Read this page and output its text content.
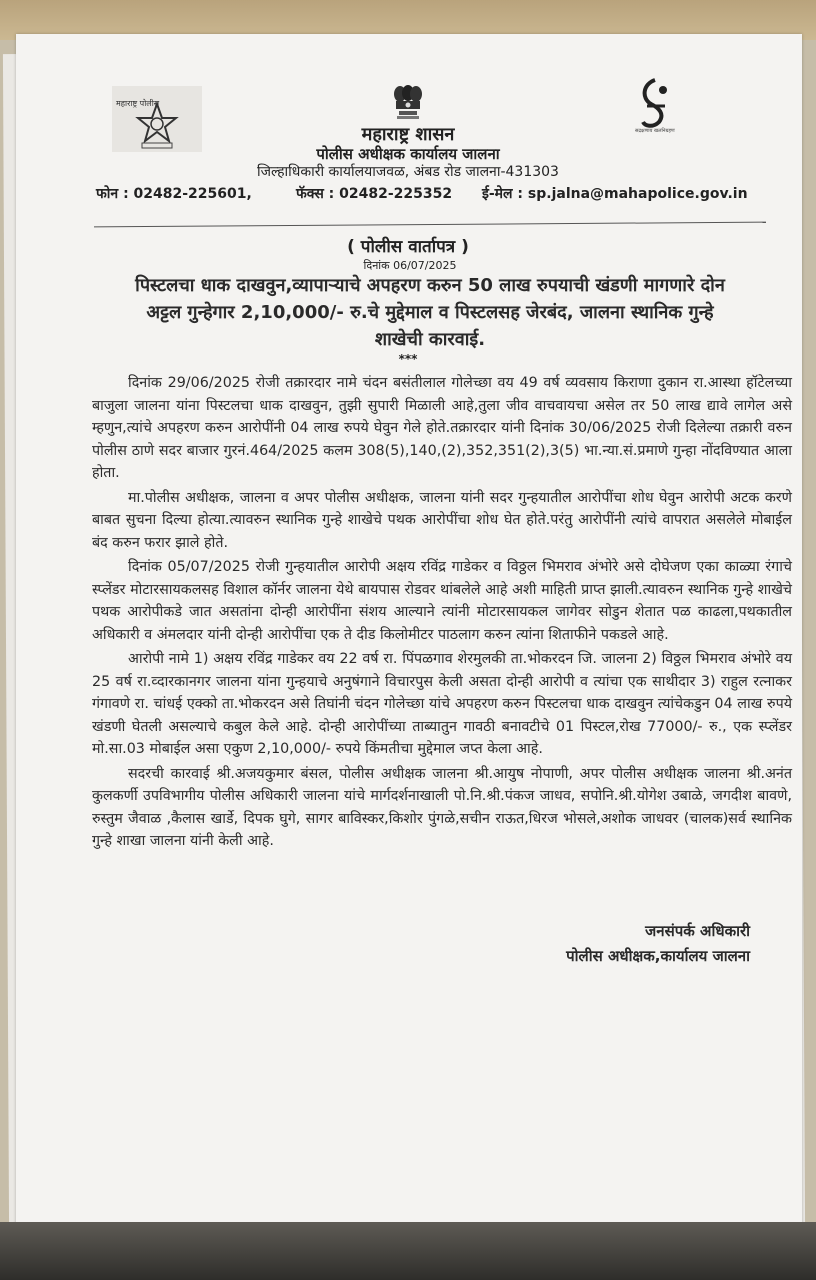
महाराष्ट्र पोलीस
सद्रक्षणाय खलनिग्रहणाय
महाराष्ट्र शासन
पोलीस अधीक्षक कार्यालय जालना
जिल्हाधिकारी कार्यालयाजवळ, अंबड रोड जालना-431303
फोन : 02482-225601,	फॅक्स : 02482-225352 ई-मेल : sp.jalna@mahapolice.gov.in
( पोलीस वार्तापत्र )
दिनांक 06/07/2025
पिस्टलचा धाक दाखवुन,व्यापाऱ्याचे अपहरण करुन 50 लाख रुपयाची खंडणी मागणारे दोन अट्टल गुन्हेगार 2,10,000/- रु.चे मुद्देमाल व पिस्टलसह जेरबंद, जालना स्थानिक गुन्हे शाखेची कारवाई.
***

दिनांक 29/06/2025 रोजी तक्रारदार नामे चंदन बसंतीलाल गोलेच्छा वय 49 वर्ष व्यवसाय किराणा दुकान रा.आस्था हॉटेलच्या बाजुला जालना यांना पिस्टलचा धाक दाखवुन, तुझी सुपारी मिळाली आहे,तुला जीव वाचवायचा असेल तर 50 लाख द्यावे लागेल असे म्हणुन,त्यांचे अपहरण करुन आरोपींनी 04 लाख रुपये घेवुन गेले होते.तक्रारदार यांनी दिनांक 30/06/2025 रोजी दिलेल्या तक्रारी वरुन पोलीस ठाणे सदर बाजार गुरनं.464/2025 कलम 308(5),140,(2),352,351(2),3(5) भा.न्या.सं.प्रमाणे गुन्हा नोंदविण्यात आला होता.

मा.पोलीस अधीक्षक, जालना व अपर पोलीस अधीक्षक, जालना यांनी सदर गुन्हयातील आरोपींचा शोध घेवुन आरोपी अटक करणे बाबत सुचना दिल्या होत्या.त्यावरुन स्थानिक गुन्हे शाखेचे पथक आरोपींचा शोध घेत होते.परंतु आरोपींनी त्यांचे वापरात असलेले मोबाईल बंद करुन फरार झाले होते.

दिनांक 05/07/2025 रोजी गुन्हयातील आरोपी अक्षय रविंद्र गाडेकर व विठ्ठल भिमराव अंभोरे असे दोघेजण एका काळ्या रंगाचे स्प्लेंडर मोटारसायकलसह विशाल कॉर्नर जालना येथे बायपास रोडवर थांबलेले आहे अशी माहिती प्राप्त झाली.त्यावरुन स्थानिक गुन्हे शाखेचे पथक आरोपीकडे जात असतांना दोन्ही आरोपींना संशय आल्याने त्यांनी मोटारसायकल जागेवर सोडुन शेतात पळ काढला,पथकातील अधिकारी व अंमलदार यांनी दोन्ही आरोपींचा एक ते दीड किलोमीटर पाठलाग करुन त्यांना शिताफीने पकडले आहे.

आरोपी नामे 1) अक्षय रविंद्र गाडेकर वय 22 वर्ष रा. पिंपळगाव शेरमुलकी ता.भोकरदन जि. जालना 2) विठ्ठल भिमराव अंभोरे वय 25 वर्ष रा.व्दारकानगर जालना यांना गुन्हयाचे अनुषंगाने विचारपुस केली असता दोन्ही आरोपी व त्यांचा एक साथीदार 3) राहुल रत्नाकर गंगावणे रा. चांधई एक्को ता.भोकरदन असे तिघांनी चंदन गोलेच्छा यांचे अपहरण करुन पिस्टलचा धाक दाखवुन त्यांचेकडुन 04 लाख रुपये खंडणी घेतली असल्याचे कबुल केले आहे. दोन्ही आरोपींच्या ताब्यातुन गावठी बनावटीचे 01 पिस्टल,रोख 77000/- रु., एक स्प्लेंडर मो.सा.03 मोबाईल असा एकुण 2,10,000/- रुपये किंमतीचा मुद्देमाल जप्त केला आहे.

सदरची कारवाई श्री.अजयकुमार बंसल, पोलीस अधीक्षक जालना श्री.आयुष नोपाणी, अपर पोलीस अधीक्षक जालना श्री.अनंत कुलकर्णी उपविभागीय पोलीस अधिकारी जालना यांचे मार्गदर्शनाखाली पो.नि.श्री.पंकज जाधव, सपोनि.श्री.योगेश उबाळे, जगदीश बावणे, रुस्तुम जैवाळ ,कैलास खार्डे, दिपक घुगे, सागर बाविस्कर,किशोर पुंगळे,सचीन राऊत,धिरज भोसले,अशोक जाधवर (चालक)सर्व स्थानिक गुन्हे शाखा जालना यांनी केली आहे.

जनसंपर्क अधिकारी
पोलीस अधीक्षक,कार्यालय जालना
